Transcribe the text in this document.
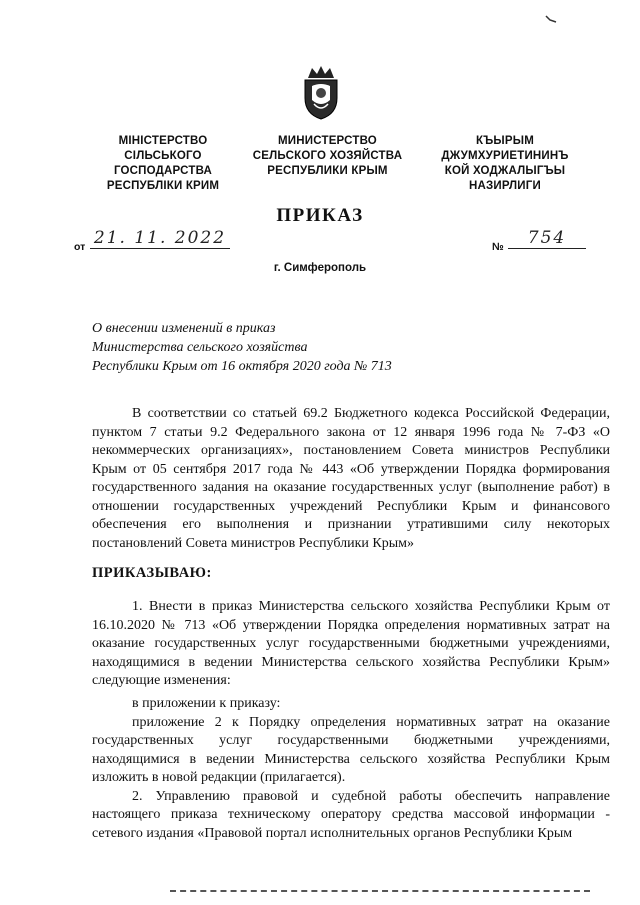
МІНІСТЕРСТВО
СІЛЬСЬКОГО
ГОСПОДАРСТВА
РЕСПУБЛІКИ КРИМ
МИНИСТЕРСТВО
СЕЛЬСКОГО ХОЗЯЙСТВА
РЕСПУБЛИКИ КРЫМ
КЪЫРЫМ
ДЖУМХУРИЕТИНИНЪ
КОЙ ХОДЖАЛЫГЪЫ
НАЗИРЛИГИ
ПРИКАЗ
от 21. 11. 2022	№	754
г. Симферополь
О внесении изменений в приказ
Министерства сельского хозяйства
Республики Крым от 16 октября 2020 года № 713

В соответствии со статьей 69.2 Бюджетного кодекса Российской Федерации, пунктом 7 статьи 9.2 Федерального закона от 12 января 1996 года № 7-ФЗ «О некоммерческих организациях», постановлением Совета министров Республики Крым от 05 сентября 2017 года № 443 «Об утверждении Порядка формирования государственного задания на оказание государственных услуг (выполнение работ) в отношении государственных учреждений Республики Крым и финансового обеспечения его выполнения и признании утратившими силу некоторых постановлений Совета министров Республики Крым»

ПРИКАЗЫВАЮ:

1. Внести в приказ Министерства сельского хозяйства Республики Крым от 16.10.2020 № 713 «Об утверждении Порядка определения нормативных затрат на оказание государственных услуг государственными бюджетными учреждениями, находящимися в ведении Министерства сельского хозяйства Республики Крым» следующие изменения:

в приложении к приказу:

приложение 2 к Порядку определения нормативных затрат на оказание государственных услуг государственными бюджетными учреждениями, находящимися в ведении Министерства сельского хозяйства Республики Крым изложить в новой редакции (прилагается).

2. Управлению правовой и судебной работы обеспечить направление настоящего приказа техническому оператору средства массовой информации - сетевого издания «Правовой портал исполнительных органов Республики Крым
